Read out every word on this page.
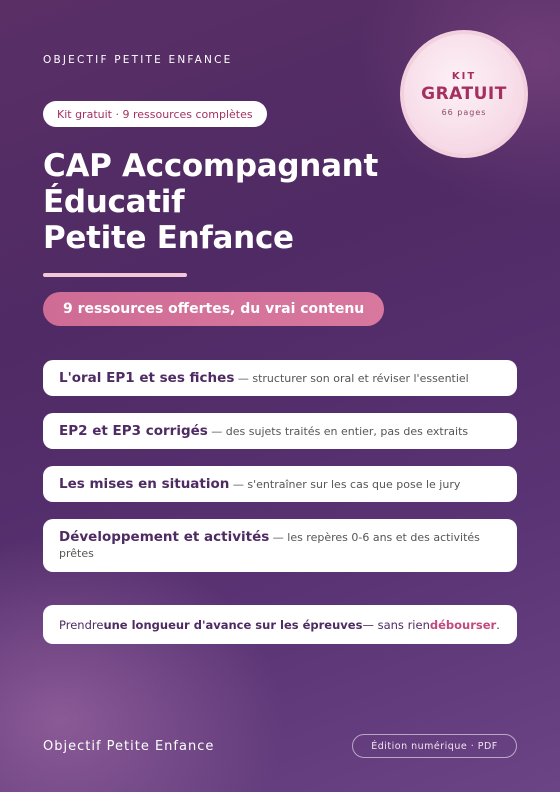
OBJECTIF PETITE ENFANCE
KIT
GRATUIT
66 pages
Kit gratuit · 9 ressources complètes
CAP Accompagnant
Éducatif
Petite Enfance
9 ressources offertes, du vrai contenu
L'oral EP1 et ses fiches — structurer son oral et réviser l'essentiel
EP2 et EP3 corrigés — des sujets traités en entier, pas des extraits
Les mises en situation — s'entraîner sur les cas que pose le jury
Développement et activités — les repères 0-6 ans et des activités prêtes
Prendre une longueur d'avance sur les épreuves — sans rien débourser .
Objectif Petite Enfance	Édition numérique · PDF
